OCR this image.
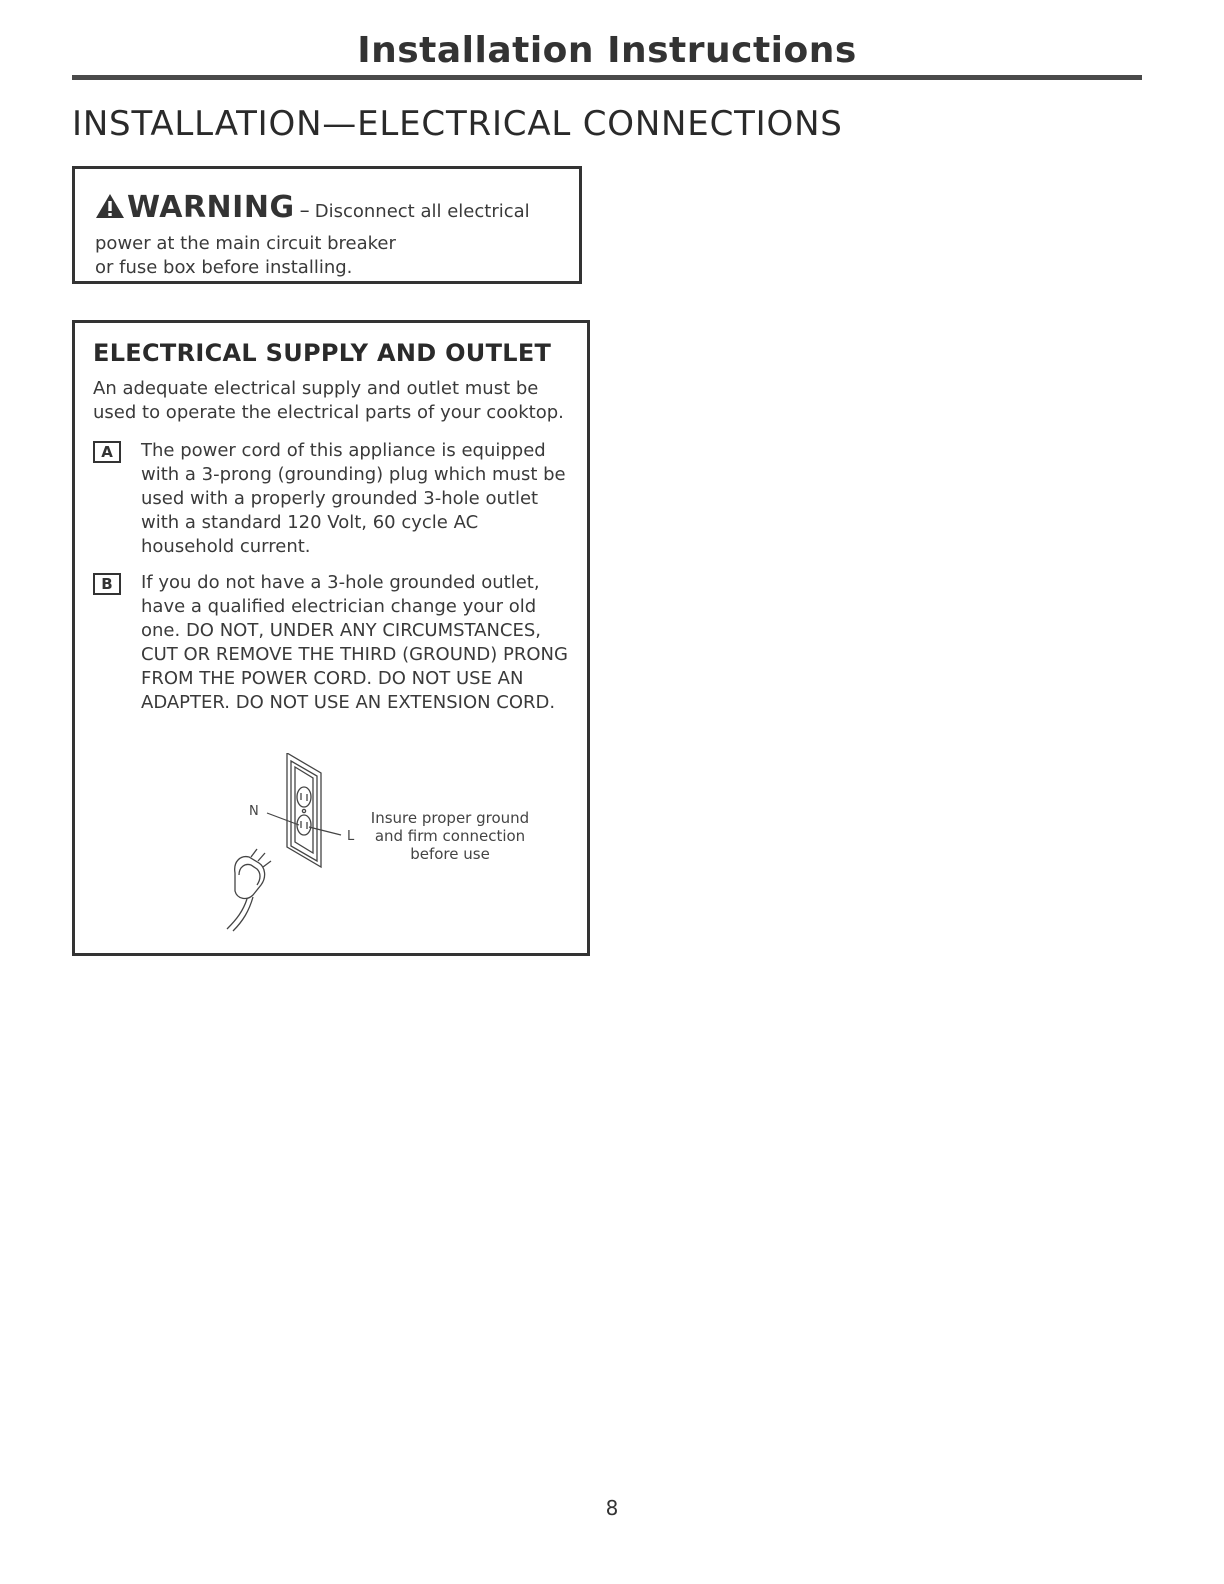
Installation Instructions
INSTALLATION—ELECTRICAL CONNECTIONS
WARNING – Disconnect all electrical
power at the main circuit breaker
or fuse box before installing.
ELECTRICAL SUPPLY AND OUTLET

An adequate electrical supply and outlet must be used to operate the electrical parts of your cooktop.

A	The power cord of this appliance is equipped with a 3-prong (grounding) plug which must be used with a properly grounded 3-hole outlet with a standard 120 Volt, 60 cycle AC household current.
B	If you do not have a 3-hole grounded outlet, have a qualified electrician change your old one. DO NOT, UNDER ANY CIRCUMSTANCES, CUT OR REMOVE THE THIRD (GROUND) PRONG FROM THE POWER CORD. DO NOT USE AN ADAPTER. DO NOT USE AN EXTENSION CORD.
N
L
Insure proper ground and firm connection before use
8
